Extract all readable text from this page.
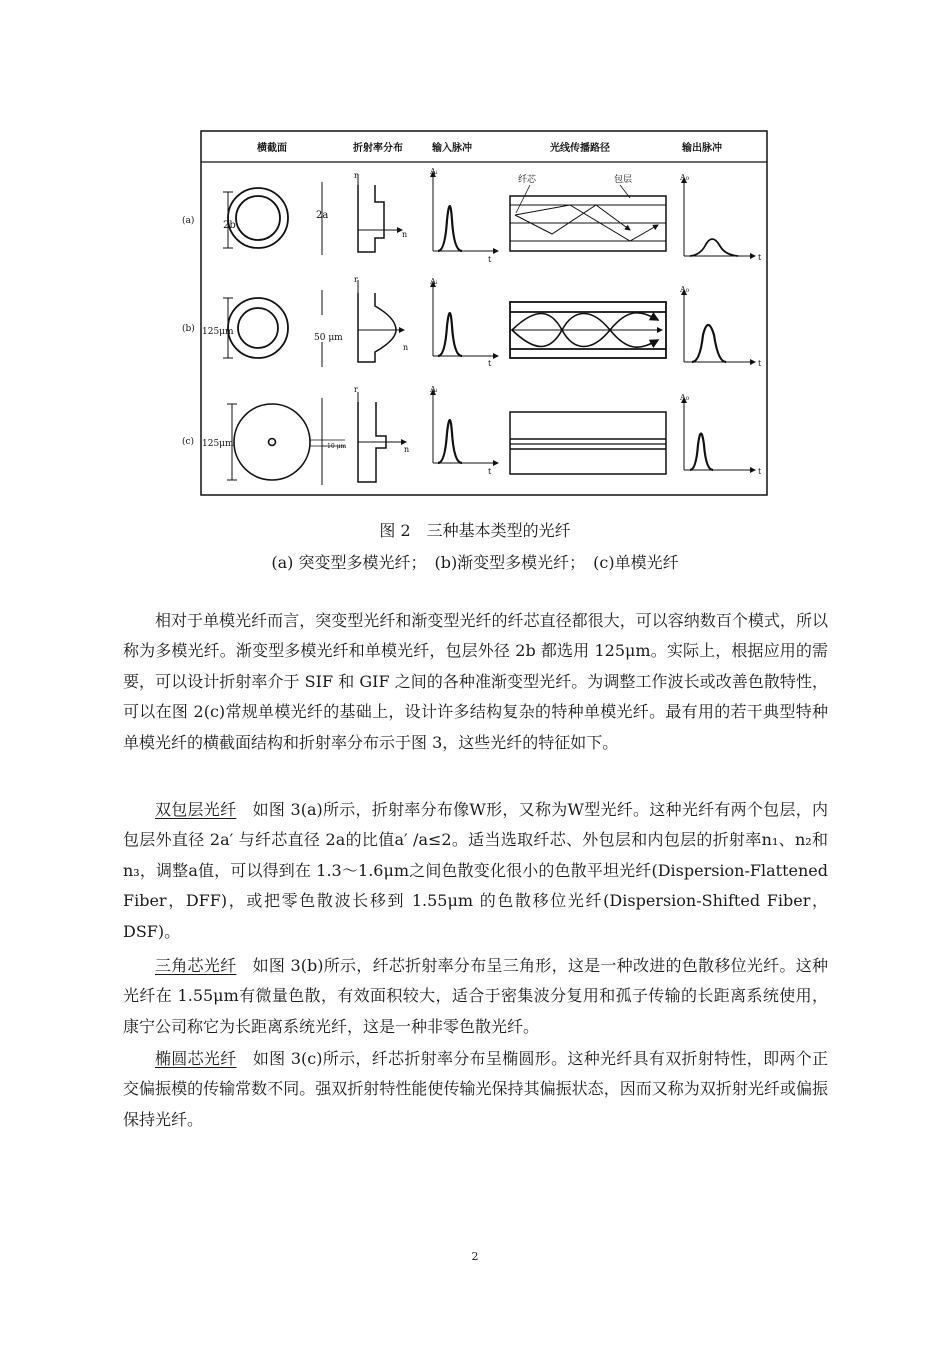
横截面	折射率分布	输入脉冲	光线传播路径	输出脉冲
(a)
(b)
(c)
2b
2a
r
n
Aᵢ
t
纤芯	包层	A₀
t
125μm
50 μm
r
n
Aᵢ
t
A₀
t
125μm	~10 μm
r
n
Aᵢ
t
A₀
t
图 2　三种基本类型的光纤
(a) 突变型多模光纤；　(b)渐变型多模光纤；　(c)单模光纤

相对于单模光纤而言，突变型光纤和渐变型光纤的纤芯直径都很大，可以容纳数百个模式，所以称为多模光纤。渐变型多模光纤和单模光纤，包层外径 2b 都选用 125μm。实际上，根据应用的需要，可以设计折射率介于 SIF 和 GIF 之间的各种准渐变型光纤。为调整工作波长或改善色散特性，可以在图 2(c)常规单模光纤的基础上，设计许多结构复杂的特种单模光纤。最有用的若干典型特种单模光纤的横截面结构和折射率分布示于图 3，这些光纤的特征如下。

双包层光纤　如图 3(a)所示，折射率分布像W形，又称为W型光纤。这种光纤有两个包层，内包层外直径 2a′ 与纤芯直径 2a的比值a′ /a≤2。适当选取纤芯、外包层和内包层的折射率n₁、n₂和n₃，调整a值，可以得到在 1.3～1.6μm之间色散变化很小的色散平坦光纤(Dispersion-Flattened Fiber，DFF)，或把零色散波长移到 1.55μm 的色散移位光纤(Dispersion-Shifted Fiber，DSF)。

三角芯光纤　如图 3(b)所示，纤芯折射率分布呈三角形，这是一种改进的色散移位光纤。这种光纤在 1.55μm有微量色散，有效面积较大，适合于密集波分复用和孤子传输的长距离系统使用，康宁公司称它为长距离系统光纤，这是一种非零色散光纤。

椭圆芯光纤　如图 3(c)所示，纤芯折射率分布呈椭圆形。这种光纤具有双折射特性，即两个正交偏振模的传输常数不同。强双折射特性能使传输光保持其偏振状态，因而又称为双折射光纤或偏振保持光纤。

2
